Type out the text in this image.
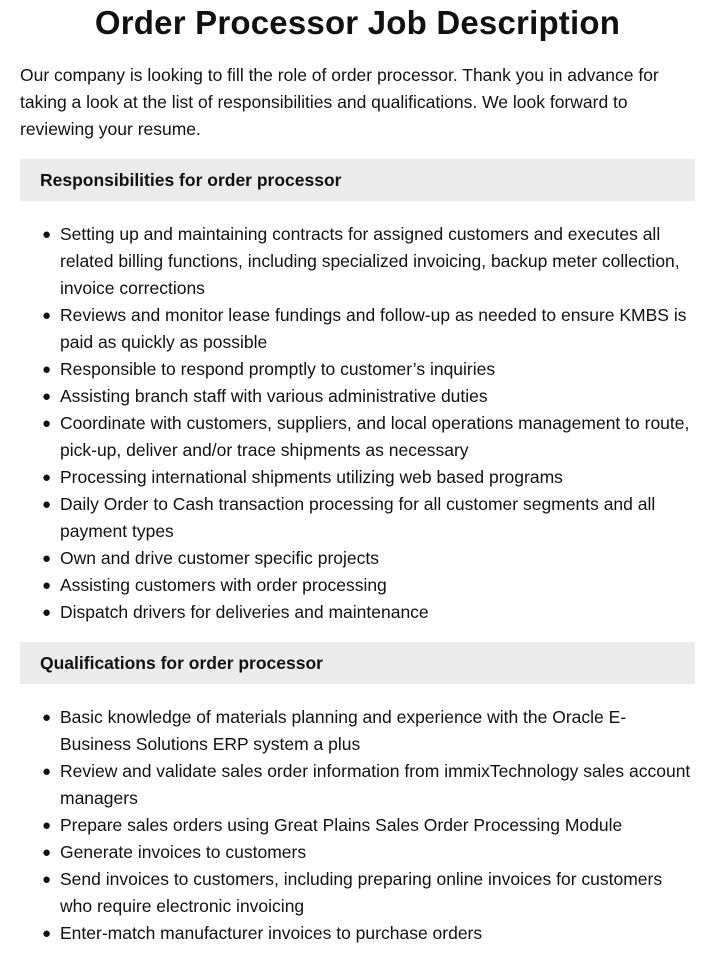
Order Processor Job Description

Our company is looking to fill the role of order processor. Thank you in advance for taking a look at the list of responsibilities and qualifications. We look forward to reviewing your resume.

Responsibilities for order processor
● Setting up and maintaining contracts for assigned customers and executes all related billing functions, including specialized invoicing, backup meter collection, invoice corrections
● Reviews and monitor lease fundings and follow-up as needed to ensure KMBS is paid as quickly as possible
● Responsible to respond promptly to customer’s inquiries
● Assisting branch staff with various administrative duties
● Coordinate with customers, suppliers, and local operations management to route, pick-up, deliver and/or trace shipments as necessary
● Processing international shipments utilizing web based programs
● Daily Order to Cash transaction processing for all customer segments and all payment types
● Own and drive customer specific projects
● Assisting customers with order processing
● Dispatch drivers for deliveries and maintenance
Qualifications for order processor
● Basic knowledge of materials planning and experience with the Oracle E-Business Solutions ERP system a plus
● Review and validate sales order information from immixTechnology sales account managers
● Prepare sales orders using Great Plains Sales Order Processing Module
● Generate invoices to customers
● Send invoices to customers, including preparing online invoices for customers who require electronic invoicing
● Enter-match manufacturer invoices to purchase orders
